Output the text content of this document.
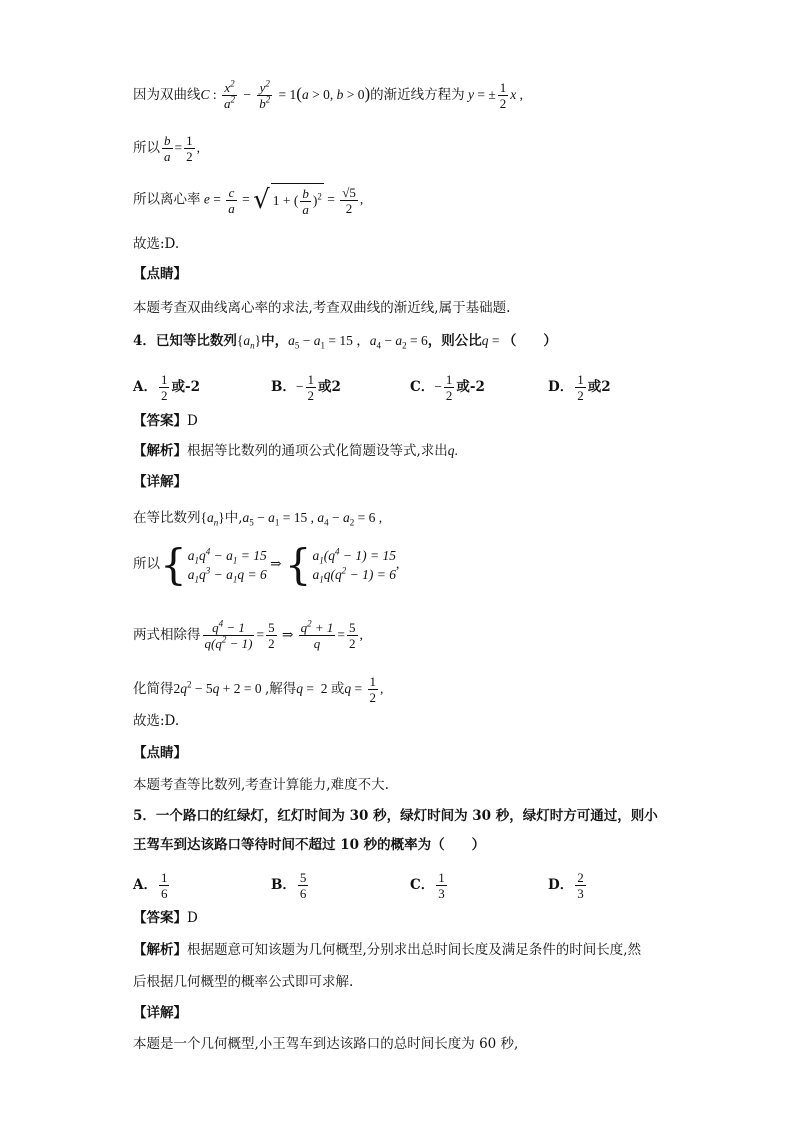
因为双曲线C : $\frac{x^2}{a^2} - \frac{y^2}{b^2} = 1(a > 0$, b > 0)的渐近线方程为 y = ± $\frac{1}{2}$ x ,
所以 $\frac{b}{a} = \frac{1}{2}$ ,
所以离心率 $e = \frac{c}{a}$ = √ 1 + ( $\frac{b}{a} )^2 = \frac{√5}{2}$ ,
故选:D.
【点睛】
本题考查双曲线离心率的求法,考查双曲线的渐近线,属于基础题.
4．已知等比数列$\{a_n\}$中，$a_5 - a_1 = 15$ ，$a_4 - a_2 = 6$，则公比q = （　　）
A． $\frac{1}{2}$ 或-2	B．− $\frac{1}{2}$ 或2	C．− $\frac{1}{2}$ 或-2	D． $\frac{1}{2}$ 或2
【答案】D
【解析】根据等比数列的通项公式化简题设等式,求出q.
【详解】
在等比数列$\{a_n\}$中$,a_5 - a_1 = 15$ , $a_4 - a_2 = 6$ ,
所以{ $a_1q^4 - a_1 = 15$
$a_1q^3 - a_1q = 6$
⇒ { $a_1(q^4 - 1) = 15$
$a_1q(q^2 - 1) = 6$
,
两式相除得 $\frac{q^4 - 1}{q(q^2 - 1)} = \frac{5}{2}$ ⇒ $\frac{q^2 + 1}{q} = \frac{5}{2}$ ,
化简得$2q^2 - 5q + 2 = 0$ ,解得q =  2 或$q = \frac{1}{2}$ ,
故选:D.
【点睛】
本题考查等比数列,考查计算能力,难度不大.
5．一个路口的红绿灯，红灯时间为 30 秒，绿灯时间为 30 秒，绿灯时方可通过，则小
王驾车到达该路口等待时间不超过 10 秒的概率为（　　）
A． $\frac{1}{6}$	B． $\frac{5}{6}$	C． $\frac{1}{3}$	D． $\frac{2}{3}$
【答案】D
【解析】根据题意可知该题为几何概型,分别求出总时间长度及满足条件的时间长度,然
后根据几何概型的概率公式即可求解.
【详解】
本题是一个几何概型,小王驾车到达该路口的总时间长度为 60 秒,
